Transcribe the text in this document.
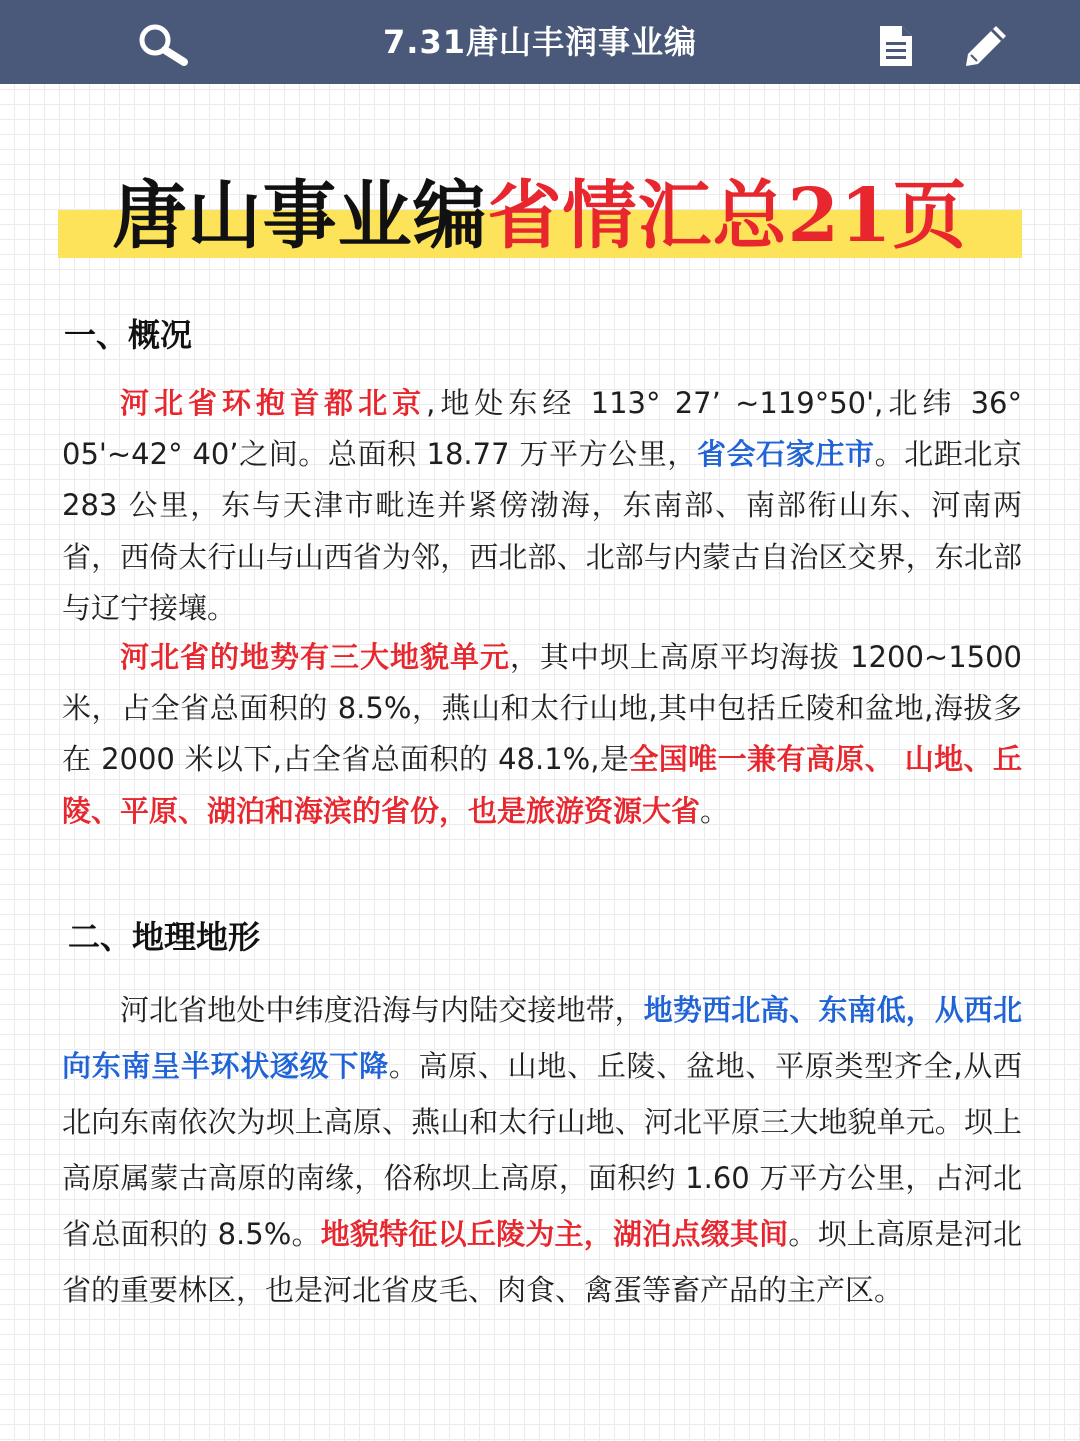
7.31唐山丰润事业编
唐山事业编省情汇总21页
一、概况

河北省环抱首都北京,地处东经 113° 27’ ~119°50',北纬 36° 05'~42° 40’之间。总面积 18.77 万平方公里，省会石家庄市。北距北京 283 公里，东与天津市毗连并紧傍渤海，东南部、南部衔山东、河南两省，西倚太行山与山西省为邻，西北部、北部与内蒙古自治区交界，东北部与辽宁接壤。

河北省的地势有三大地貌单元，其中坝上高原平均海拔 1200~1500 米，占全省总面积的 8.5%，燕山和太行山地,其中包括丘陵和盆地,海拔多在 2000 米以下,占全省总面积的 48.1%,是全国唯一兼有高原、 山地、丘陵、平原、湖泊和海滨的省份，也是旅游资源大省。

二、地理地形

河北省地处中纬度沿海与内陆交接地带，地势西北高、东南低，从西北向东南呈半环状逐级下降。高原、山地、丘陵、盆地、平原类型齐全,从西北向东南依次为坝上高原、燕山和太行山地、河北平原三大地貌单元。坝上高原属蒙古高原的南缘，俗称坝上高原，面积约 1.60 万平方公里，占河北省总面积的 8.5%。地貌特征以丘陵为主，湖泊点缀其间。坝上高原是河北省的重要林区，也是河北省皮毛、肉食、禽蛋等畜产品的主产区。
